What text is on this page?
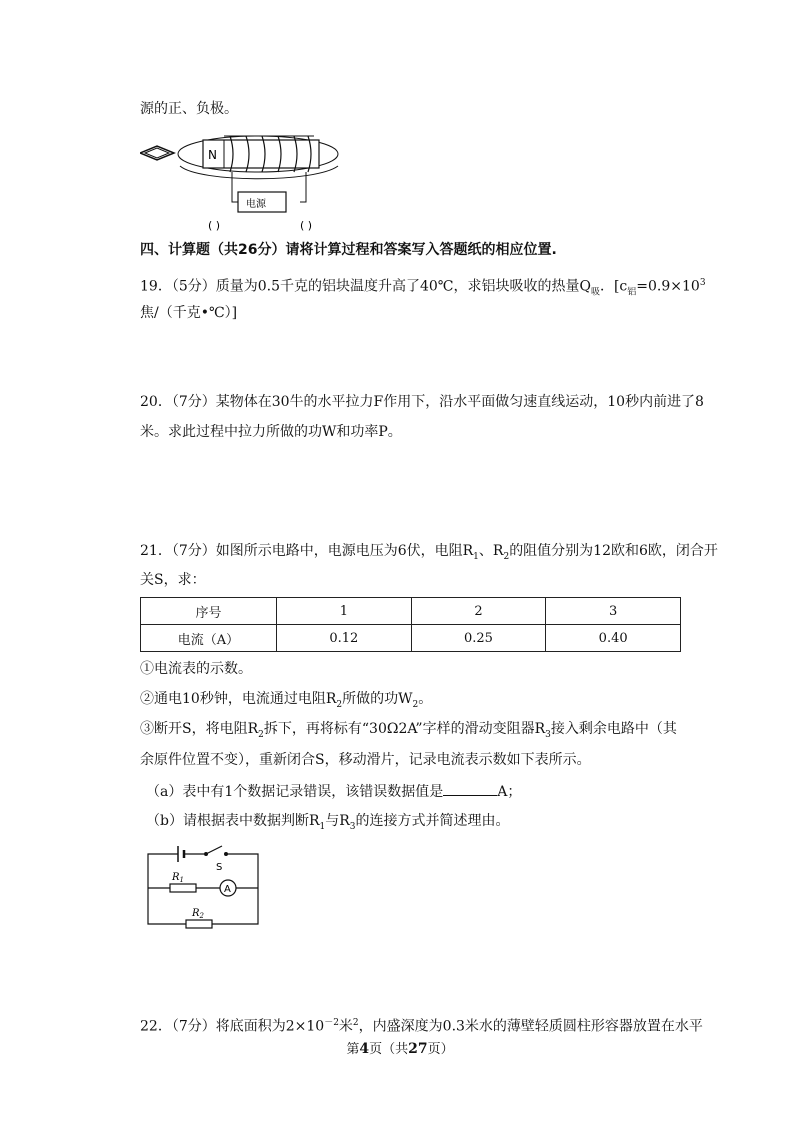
源的正、负极。
N
电源
( )	( )
四、计算题（共26分）请将计算过程和答案写入答题纸的相应位置.
19．（5分）质量为0.5千克的铝块温度升高了40℃，求铝块吸收的热量$Q_吸$．[$c_铝=0.9\times 10^3$
焦/（千克•℃）]
20．（7分）某物体在30牛的水平拉力F作用下，沿水平面做匀速直线运动，10秒内前进了8
米。求此过程中拉力所做的功W和功率P。
21．（7分）如图所示电路中，电源电压为6伏，电阻$R_1$、$R_2$的阻值分别为12欧和6欧，闭合开
关S，求：
序号	1	2	3
电流（A）	0.12	0.25	0.40
①电流表的示数。
②通电10秒钟，电流通过电阻$R_2$所做的功$W_2$。
③断开S，将电阻$R_2$拆下，再将标有“30Ω2A”字样的滑动变阻器$R_3$接入剩余电路中（其
余原件位置不变），重新闭合S，移动滑片，记录电流表示数如下表所示。
（a）表中有1个数据记录错误，该错误数据值是	A；
（b）请根据表中数据判断$R_1$与$R_3$的连接方式并简述理由。
S
$R_1$
A
$R_2$
22．（7分）将底面积为$2\times 10^{-2}$米$^2$，内盛深度为0.3米水的薄壁轻质圆柱形容器放置在水平
第4页（共27页）
